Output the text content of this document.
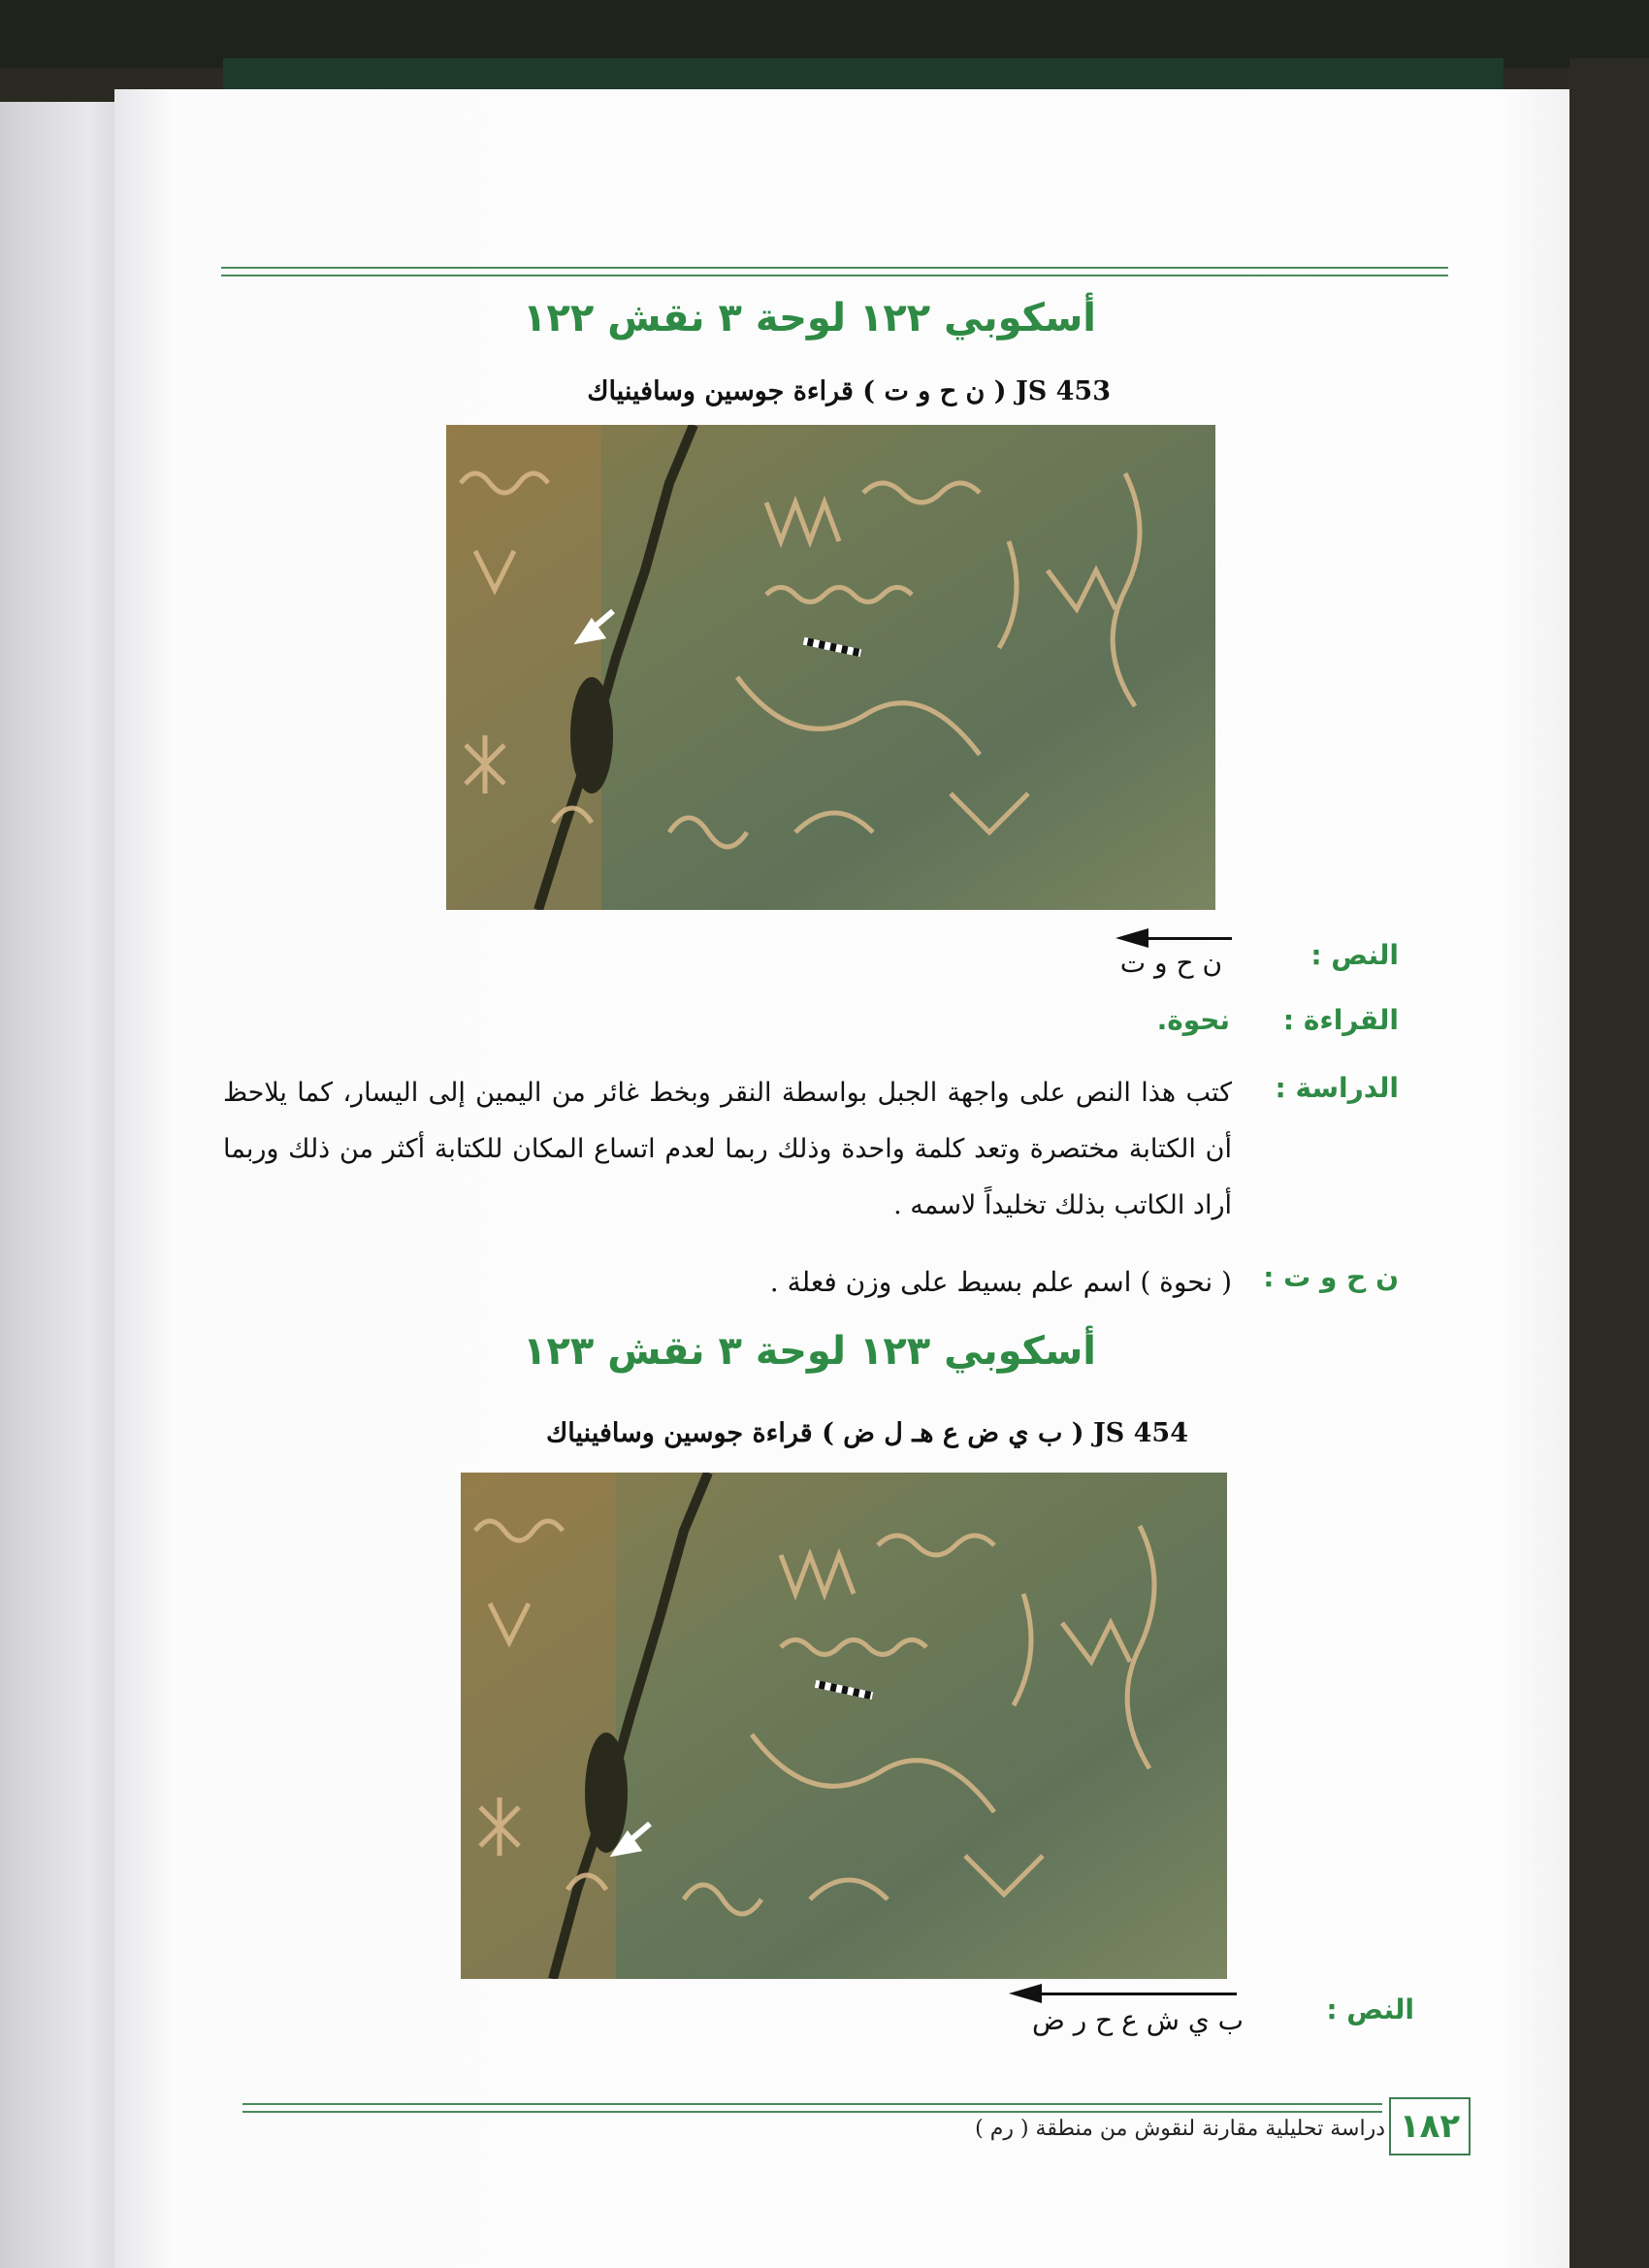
أسكوبي ١٢٢ لوحة ٣ نقش ١٢٢
JS 453 ( ن ح و ت ) قراءة جوسين وسافينياك
النص :
ن ح و ت
القراءة :
نحوة.
الدراسة :
كتب هذا النص على واجهة الجبل بواسطة النقر وبخط غائر من اليمين إلى اليسار، كما يلاحظ أن الكتابة مختصرة وتعد كلمة واحدة وذلك ربما لعدم اتساع المكان للكتابة أكثر من ذلك وربما أراد الكاتب بذلك تخليداً لاسمه .
ن ح و ت :
( نحوة ) اسم علم بسيط على وزن فعلة .
أسكوبي ١٢٣ لوحة ٣ نقش ١٢٣
JS 454 ( ب ي ض ع هـ ل ض ) قراءة جوسين وسافينياك
النص :
ب ي ش ع ح ر ض
١٨٢
دراسة تحليلية مقارنة لنقوش من منطقة ( رم )
